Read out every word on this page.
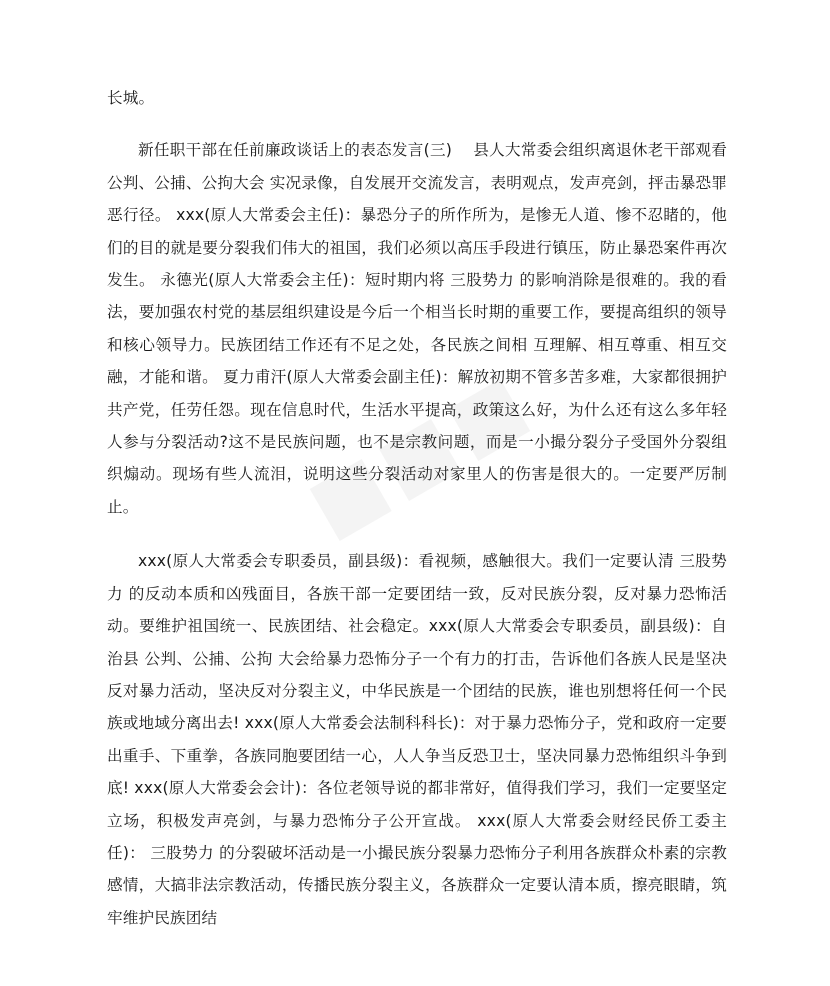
长城。

新任职干部在任前廉政谈话上的表态发言(三)　 县人大常委会组织离退休老干部观看 公判、公捕、公拘大会 实况录像，自发展开交流发言，表明观点，发声亮剑，抨击暴恐罪恶行径。 xxx(原人大常委会主任)：暴恐分子的所作所为，是惨无人道、惨不忍睹的，他们的目的就是要分裂我们伟大的祖国，我们必须以高压手段进行镇压，防止暴恐案件再次发生。 永德光(原人大常委会主任)：短时期内将 三股势力 的影响消除是很难的。我的看法，要加强农村党的基层组织建设是今后一个相当长时期的重要工作，要提高组织的领导和核心领导力。民族团结工作还有不足之处，各民族之间相 互理解、相互尊重、相互交融，才能和谐。 夏力甫汗(原人大常委会副主任)：解放初期不管多苦多难，大家都很拥护共产党，任劳任怨。现在信息时代，生活水平提高，政策这么好，为什么还有这么多年轻人参与分裂活动?这不是民族问题，也不是宗教问题，而是一小撮分裂分子受国外分裂组织煽动。现场有些人流泪，说明这些分裂活动对家里人的伤害是很大的。一定要严厉制止。

xxx(原人大常委会专职委员，副县级)：看视频，感触很大。我们一定要认清 三股势力 的反动本质和凶残面目，各族干部一定要团结一致，反对民族分裂，反对暴力恐怖活动。要维护祖国统一、民族团结、社会稳定。xxx(原人大常委会专职委员，副县级)：自治县 公判、公捕、公拘 大会给暴力恐怖分子一个有力的打击，告诉他们各族人民是坚决反对暴力活动，坚决反对分裂主义，中华民族是一个团结的民族，谁也别想将任何一个民族或地域分离出去! xxx(原人大常委会法制科科长)：对于暴力恐怖分子，党和政府一定要出重手、下重拳，各族同胞要团结一心，人人争当反恐卫士，坚决同暴力恐怖组织斗争到底! xxx(原人大常委会会计)：各位老领导说的都非常好，值得我们学习，我们一定要坚定立场，积极发声亮剑，与暴力恐怖分子公开宣战。 xxx(原人大常委会财经民侨工委主任)： 三股势力 的分裂破坏活动是一小撮民族分裂暴力恐怖分子利用各族群众朴素的宗教感情，大搞非法宗教活动，传播民族分裂主义，各族群众一定要认清本质，擦亮眼睛，筑牢维护民族团结
